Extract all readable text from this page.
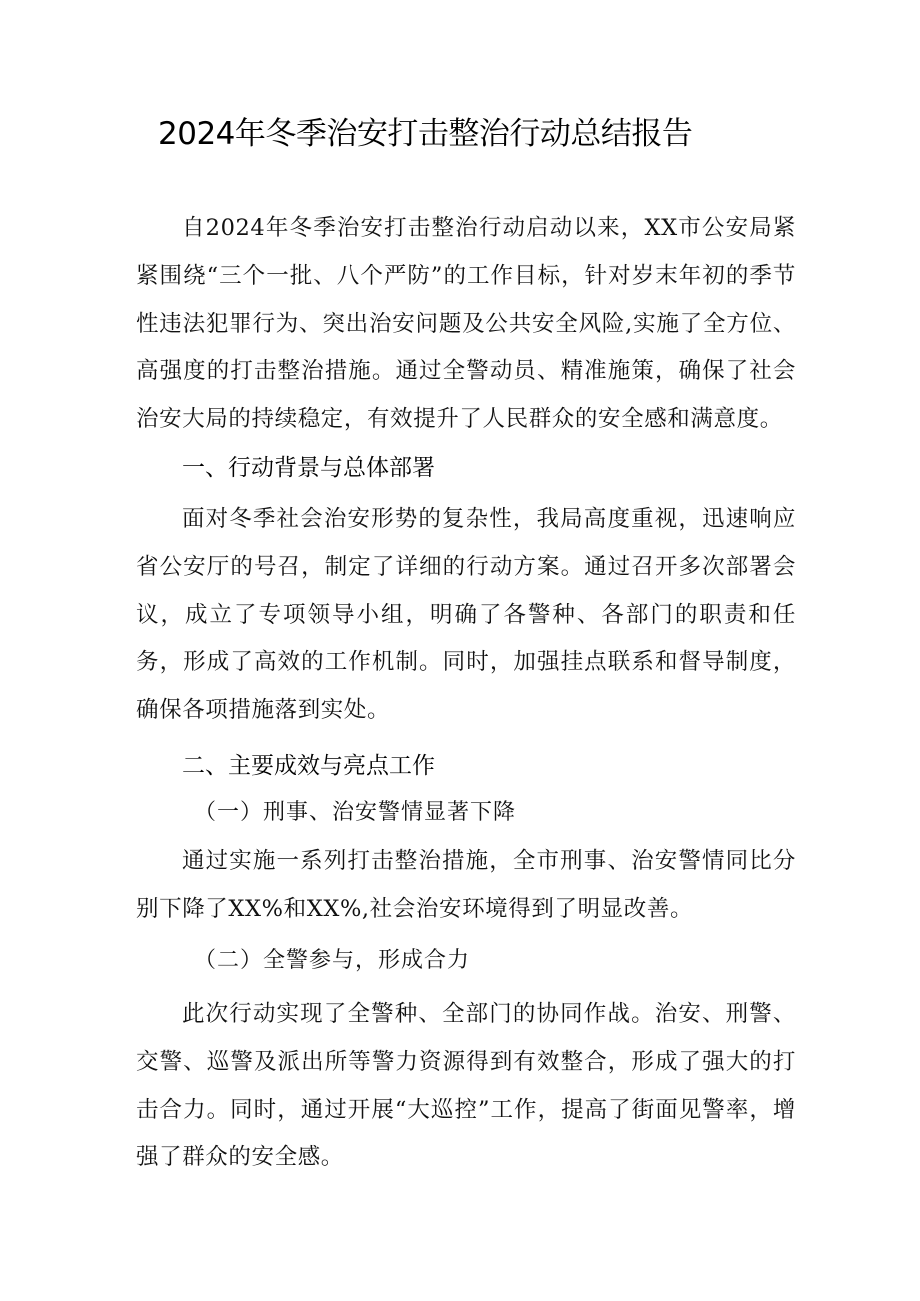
2024年冬季治安打击整治行动总结报告

自2024年冬季治安打击整治行动启动以来，XX市公安局紧紧围绕“三个一批、八个严防”的工作目标，针对岁末年初的季节性违法犯罪行为、突出治安问题及公共安全风险,实施了全方位、高强度的打击整治措施。通过全警动员、精准施策，确保了社会治安大局的持续稳定，有效提升了人民群众的安全感和满意度。

一、行动背景与总体部署

面对冬季社会治安形势的复杂性，我局高度重视，迅速响应省公安厅的号召，制定了详细的行动方案。通过召开多次部署会议，成立了专项领导小组，明确了各警种、各部门的职责和任务，形成了高效的工作机制。同时，加强挂点联系和督导制度，确保各项措施落到实处。

二、主要成效与亮点工作

（一）刑事、治安警情显著下降

通过实施一系列打击整治措施，全市刑事、治安警情同比分别下降了XX%和XX%,社会治安环境得到了明显改善。

（二）全警参与，形成合力

此次行动实现了全警种、全部门的协同作战。治安、刑警、交警、巡警及派出所等警力资源得到有效整合，形成了强大的打击合力。同时，通过开展“大巡控”工作，提高了街面见警率，增强了群众的安全感。
